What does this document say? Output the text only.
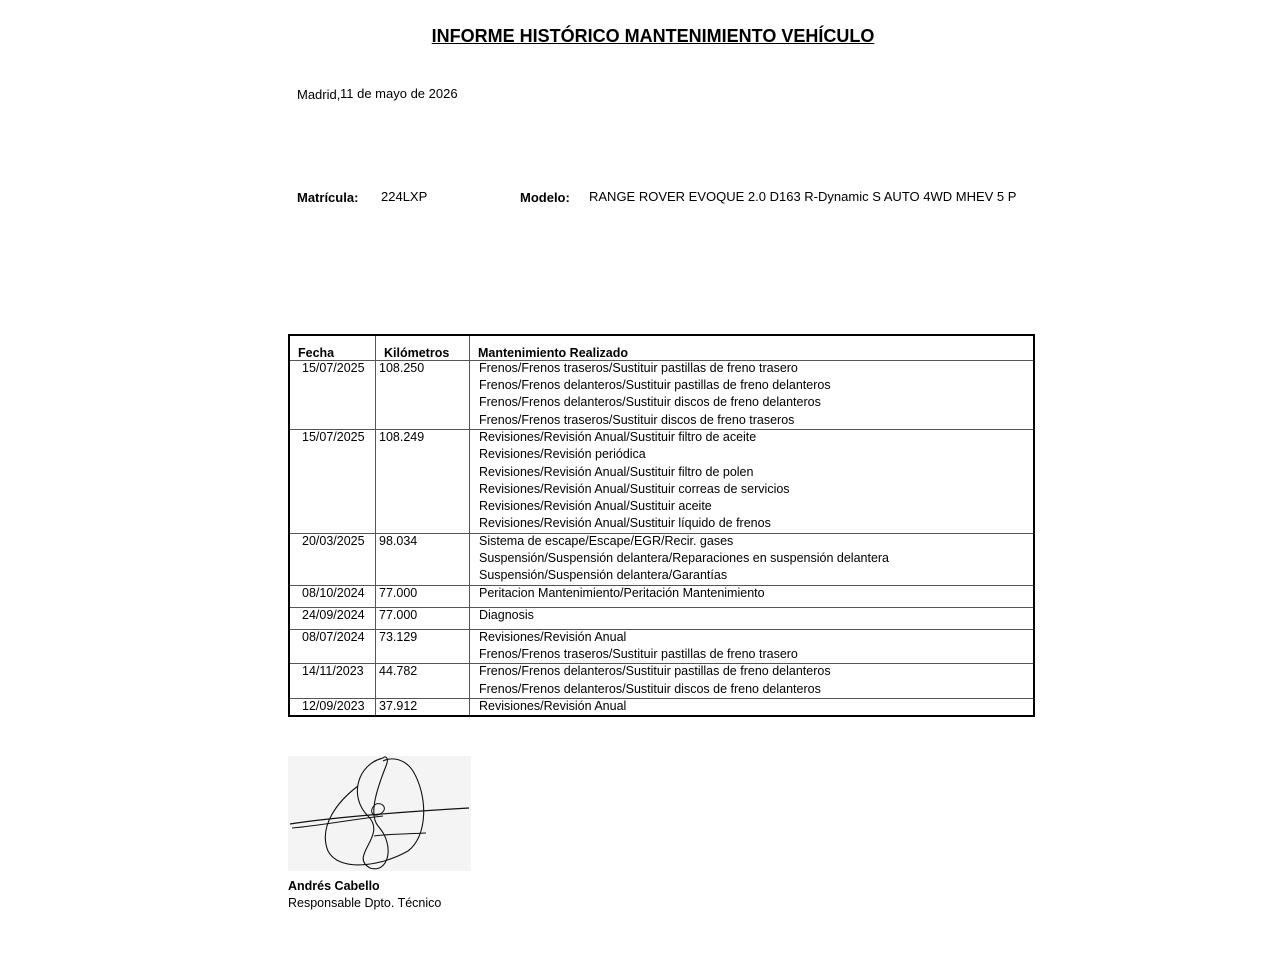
INFORME HISTÓRICO MANTENIMIENTO VEHÍCULO
Madrid, 11 de mayo de 2026
Matrícula: 224LXP	Modelo: RANGE ROVER EVOQUE 2.0 D163 R-Dynamic S AUTO 4WD MHEV 5 P
Fecha	Kilómetros Mantenimiento Realizado
15/07/2025 108.250	Frenos/Frenos traseros/Sustituir pastillas de freno trasero
Frenos/Frenos delanteros/Sustituir pastillas de freno delanteros
Frenos/Frenos delanteros/Sustituir discos de freno delanteros
Frenos/Frenos traseros/Sustituir discos de freno traseros
15/07/2025 108.249	Revisiones/Revisión Anual/Sustituir filtro de aceite
Revisiones/Revisión periódica
Revisiones/Revisión Anual/Sustituir filtro de polen
Revisiones/Revisión Anual/Sustituir correas de servicios
Revisiones/Revisión Anual/Sustituir aceite
Revisiones/Revisión Anual/Sustituir líquido de frenos
20/03/2025 98.034	Sistema de escape/Escape/EGR/Recir. gases
Suspensión/Suspensión delantera/Reparaciones en suspensión delantera
Suspensión/Suspensión delantera/Garantías
08/10/2024 77.000	Peritacion Mantenimiento/Peritación Mantenimiento
24/09/2024 77.000	Diagnosis
08/07/2024 73.129	Revisiones/Revisión Anual
Frenos/Frenos traseros/Sustituir pastillas de freno trasero
14/11/2023 44.782	Frenos/Frenos delanteros/Sustituir pastillas de freno delanteros
Frenos/Frenos delanteros/Sustituir discos de freno delanteros
12/09/2023 37.912	Revisiones/Revisión Anual
Andrés Cabello
Responsable Dpto. Técnico
